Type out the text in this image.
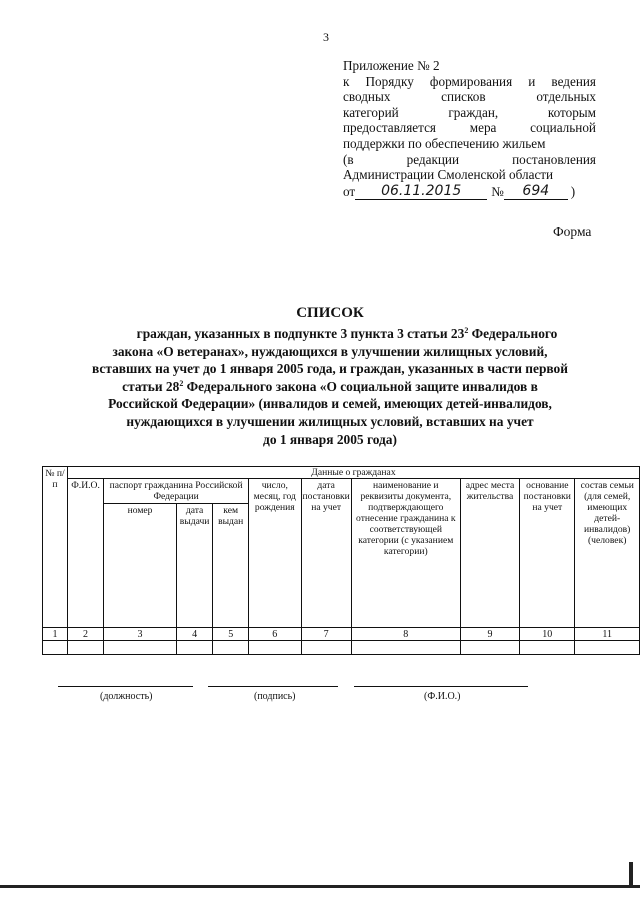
3
Приложение № 2
к Порядку формирования и ведения
сводных списков отдельных
категорий граждан, которым
предоставляется мера социальной
поддержки по обеспечению жильем
(в редакции постановления
Администрации Смоленской области
от	06.11.2015	№	694	)
Форма
СПИСОК
граждан, указанных в подпункте 3 пункта 3 статьи $23^2$ Федерального
закона «О ветеранах», нуждающихся в улучшении жилищных условий,
вставших на учет до 1 января 2005 года, и граждан, указанных в части первой
статьи $28^2$ Федерального закона «О социальной защите инвалидов в
Российской Федерации» (инвалидов и семей, имеющих детей-инвалидов,
нуждающихся в улучшении жилищных условий, вставших на учет
до 1 января 2005 года)
№ п/п	Данные о гражданах									
	Ф.И.О.	паспорт гражданина Российской Федерации			число, месяц, год рождения	дата постановки на учет	наименование и реквизиты документа, подтверждающего отнесение гражданина к соответствующей категории (с указанием категории)	адрес места жительства	основание постановки на учет	состав семьи (для семей, имеющих детей-инвалидов) (человек)
		номер	дата выдачи	кем выдан						
1	2	3	4	5	6	7	8	9	10	11

(должность)	(подпись)	(Ф.И.О.)
